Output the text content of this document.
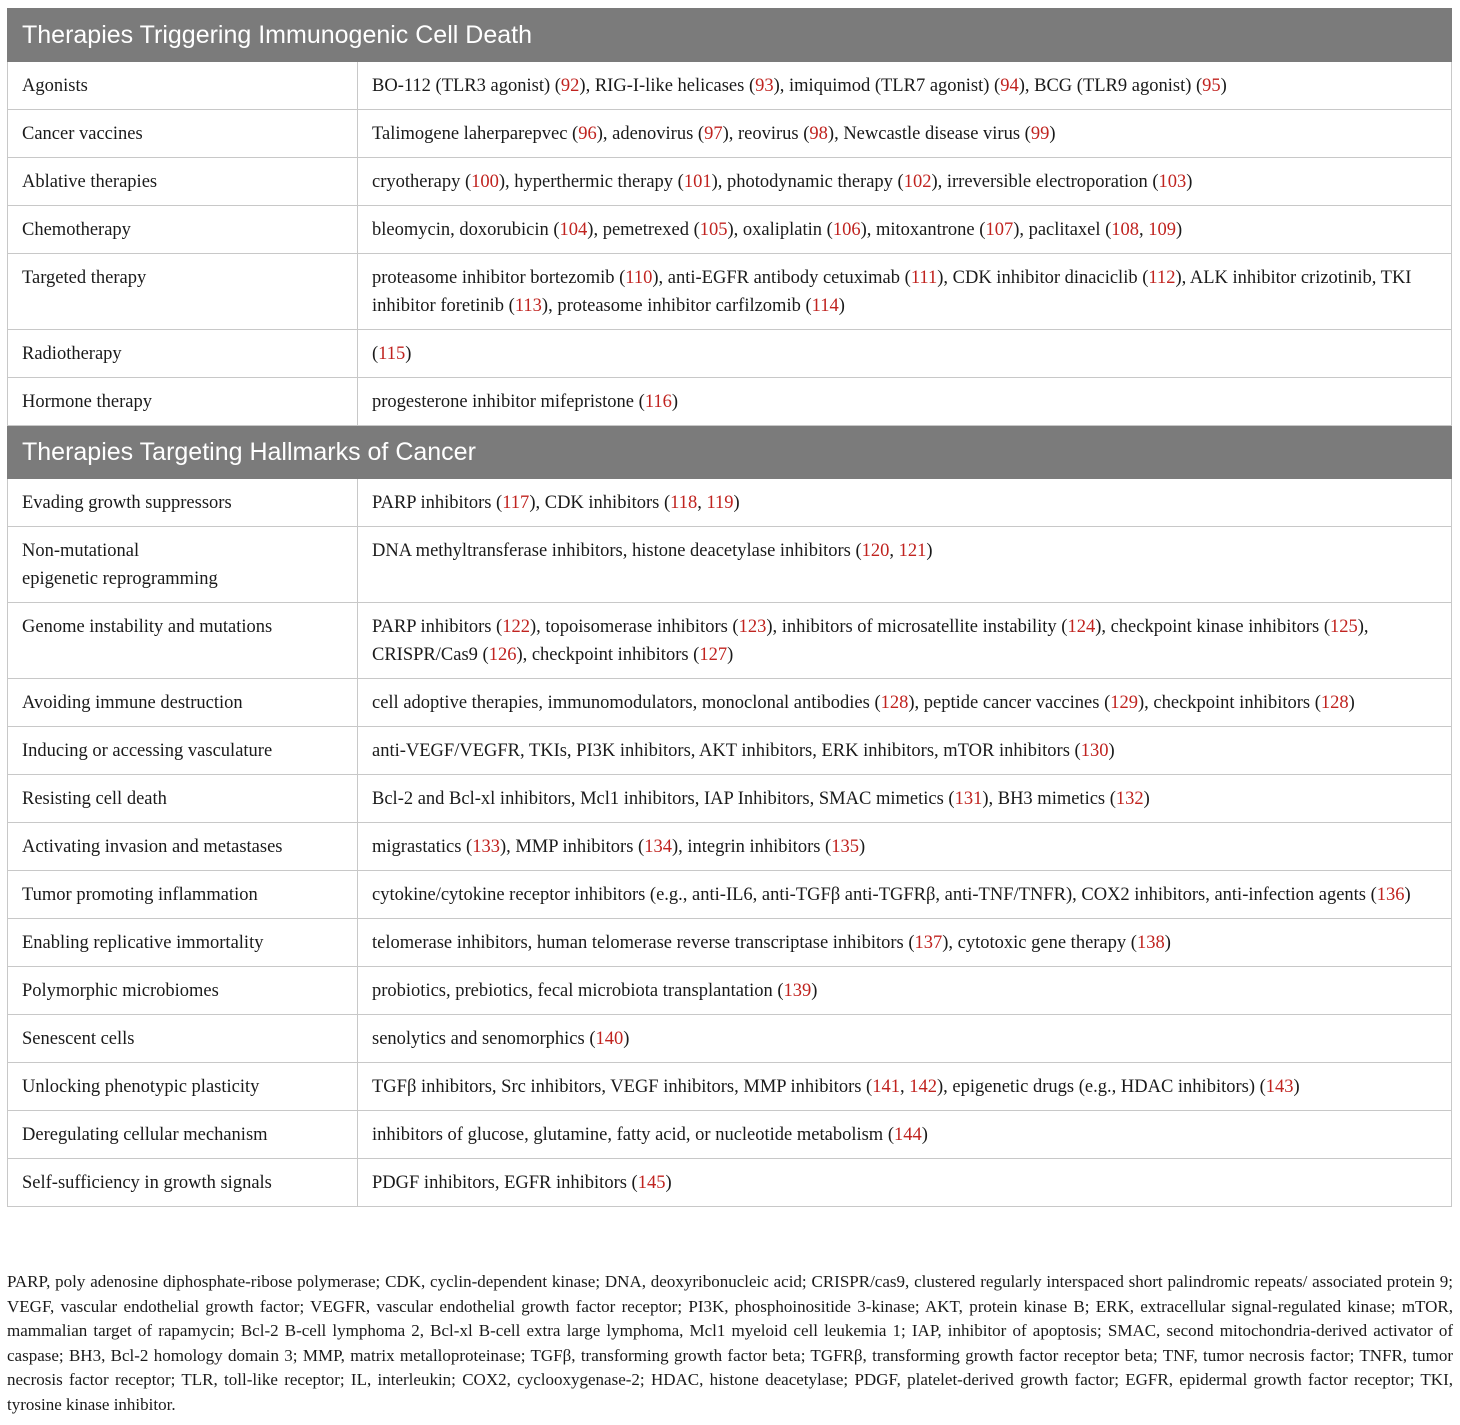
Therapies Triggering Immunogenic Cell Death	

Agonists	BO-112 (TLR3 agonist) (92), RIG-I-like helicases (93), imiquimod (TLR7 agonist) (94), BCG (TLR9 agonist) (95)

Cancer vaccines	Talimogene laherparepvec (96), adenovirus (97), reovirus (98), Newcastle disease virus (99)

Ablative therapies	cryotherapy (100), hyperthermic therapy (101), photodynamic therapy (102), irreversible electroporation (103)

Chemotherapy	bleomycin, doxorubicin (104), pemetrexed (105), oxaliplatin (106), mitoxantrone (107), paclitaxel (108, 109)

Targeted therapy	proteasome inhibitor bortezomib (110), anti-EGFR antibody cetuximab (111), CDK inhibitor dinaciclib (112), ALK inhibitor crizotinib, TKI inhibitor foretinib (113), proteasome inhibitor carfilzomib (114)

Radiotherapy	(115)

Hormone therapy	progesterone inhibitor mifepristone (116)

Therapies Targeting Hallmarks of Cancer	

Evading growth suppressors	PARP inhibitors (117), CDK inhibitors (118, 119)

Non-mutational
epigenetic reprogramming	DNA methyltransferase inhibitors, histone deacetylase inhibitors (120, 121)

Genome instability and mutations	PARP inhibitors (122), topoisomerase inhibitors (123), inhibitors of microsatellite instability (124), checkpoint kinase inhibitors (125), CRISPR/Cas9 (126), checkpoint inhibitors (127)

Avoiding immune destruction	cell adoptive therapies, immunomodulators, monoclonal antibodies (128), peptide cancer vaccines (129), checkpoint inhibitors (128)

Inducing or accessing vasculature	anti-VEGF/VEGFR, TKIs, PI3K inhibitors, AKT inhibitors, ERK inhibitors, mTOR inhibitors (130)

Resisting cell death	Bcl-2 and Bcl-xl inhibitors, Mcl1 inhibitors, IAP Inhibitors, SMAC mimetics (131), BH3 mimetics (132)

Activating invasion and metastases	migrastatics (133), MMP inhibitors (134), integrin inhibitors (135)

Tumor promoting inflammation	cytokine/cytokine receptor inhibitors (e.g., anti-IL6, anti-TGFβ anti-TGFRβ, anti-TNF/TNFR), COX2 inhibitors, anti-infection agents (136)

Enabling replicative immortality	telomerase inhibitors, human telomerase reverse transcriptase inhibitors (137), cytotoxic gene therapy (138)

Polymorphic microbiomes	probiotics, prebiotics, fecal microbiota transplantation (139)

Senescent cells	senolytics and senomorphics (140)

Unlocking phenotypic plasticity	TGFβ inhibitors, Src inhibitors, VEGF inhibitors, MMP inhibitors (141, 142), epigenetic drugs (e.g., HDAC inhibitors) (143)

Deregulating cellular mechanism	inhibitors of glucose, glutamine, fatty acid, or nucleotide metabolism (144)

Self-sufficiency in growth signals	PDGF inhibitors, EGFR inhibitors (145)
PARP, poly adenosine diphosphate-ribose polymerase; CDK, cyclin-dependent kinase; DNA, deoxyribonucleic acid; CRISPR/cas9, clustered regularly interspaced short palindromic repeats/ associated protein 9; VEGF, vascular endothelial growth factor; VEGFR, vascular endothelial growth factor receptor; PI3K, phosphoinositide 3-kinase; AKT, protein kinase B; ERK, extracellular signal-regulated kinase; mTOR, mammalian target of rapamycin; Bcl-2 B-cell lymphoma 2, Bcl-xl B-cell extra large lymphoma, Mcl1 myeloid cell leukemia 1; IAP, inhibitor of apoptosis; SMAC, second mitochondria-derived activator of caspase; BH3, Bcl-2 homology domain 3; MMP, matrix metalloproteinase; TGFβ, transforming growth factor beta; TGFRβ, transforming growth factor receptor beta; TNF, tumor necrosis factor; TNFR, tumor necrosis factor receptor; TLR, toll-like receptor; IL, interleukin; COX2, cyclooxygenase-2; HDAC, histone deacetylase; PDGF, platelet-derived growth factor; EGFR, epidermal growth factor receptor; TKI, tyrosine kinase inhibitor.
